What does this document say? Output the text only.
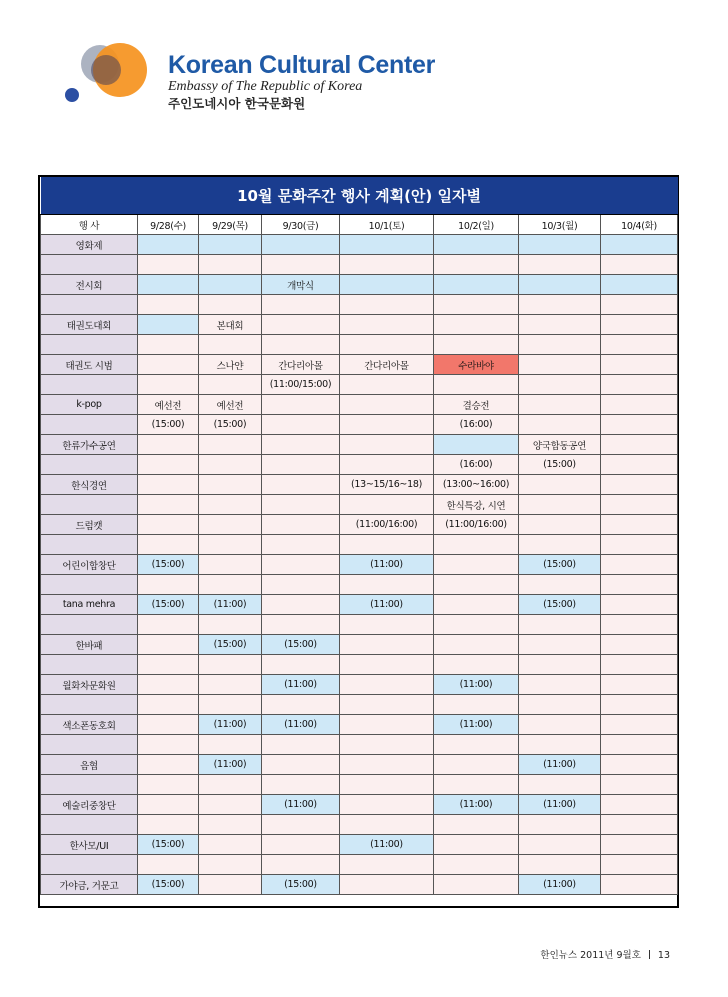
Korean Cultural Center
Embassy of The Republic of Korea
주인도네시아 한국문화원
10월 문화주간 행사 계획(안) 일자별							
행 사	9/28(수)	9/29(목)	9/30(금)	10/1(토)	10/2(일)	10/3(월)	10/4(화)
영화제							

전시회			개막식				

태권도대회		본대회					

태권도 시범		스나얀	간다리아몰	간다리아몰	수라바야		
			(11:00/15:00)				
k-pop	예선전	예선전			결승전		
	(15:00)	(15:00)			(16:00)		
한류가수공연						양국합동공연	
					(16:00)	(15:00)	
한식경연				(13~15/16~18)	(13:00~16:00)		
					한식특강, 시연		
드럼캣				(11:00/16:00)	(11:00/16:00)		

어린이합창단	(15:00)			(11:00)		(15:00)	

tana mehra	(15:00)	(11:00)		(11:00)		(15:00)	

한바패		(15:00)	(15:00)				

월화차문화원			(11:00)		(11:00)		

색소폰동호회		(11:00)	(11:00)		(11:00)		

음협		(11:00)				(11:00)	

예술리중창단			(11:00)		(11:00)	(11:00)	

한사모/UI	(15:00)			(11:00)			

가야금, 거문고	(15:00)		(15:00)			(11:00)	
한인뉴스 2011년 9월호 13
